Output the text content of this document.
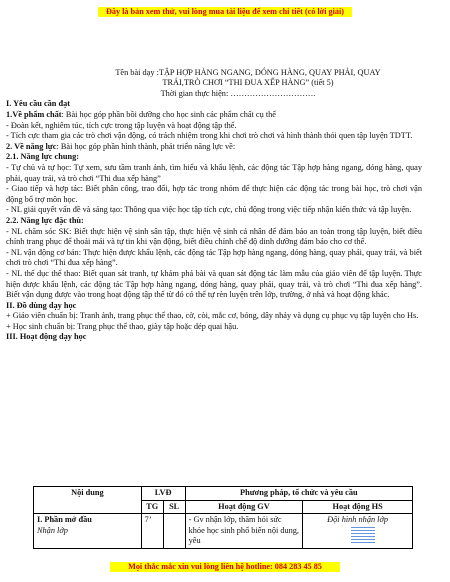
Đây là bản xem thử, vui lòng mua tài liệu để xem chi tiết (có lời giải)

Tên bài dạy :TẬP HỢP HÀNG NGANG, DÓNG HÀNG, QUAY PHẢI, QUAY
TRÁI,TRÒ CHƠI “THI ĐUA XẾP HÀNG” (tiết 5)

Thời gian thực hiện: ………………………….

I. Yêu cầu cần đạt

1.Về phẩm chất: Bài học góp phần bồi dưỡng cho học sinh các phẩm chất cụ thể

- Đoàn kết, nghiêm túc, tích cực trong tập luyện và hoạt động tập thể.

- Tích cực tham gia các trò chơi vận động, có trách nhiệm trong khi chơi trò chơi và hình thành thói quen tập luyện TDTT.

2. Về năng lực: Bài học góp phần hình thành, phát triển năng lực về:

2.1. Năng lực chung:

- Tự chủ và tự học: Tự xem, sưu tầm tranh ảnh, tìm hiểu và khẩu lệnh, các động tác Tập hợp hàng ngang, dóng hàng, quay phải, quay trái, và trò chơi “Thi đua xếp hàng”

- Giao tiếp và hợp tác: Biết phân công, trao đổi, hợp tác trong nhóm để thực hiện các động tác trong bài học, trò chơi vận động bổ trợ môn học.

- NL giải quyết vấn đề và sáng tạo: Thông qua việc học tập tích cực, chủ động trong việc tiếp nhận kiến thức và tập luyện.

2.2. Năng lực đặc thù:

- NL chăm sóc SK: Biết thực hiện vệ sinh sân tập, thực hiện vệ sinh cá nhân để đảm bảo an toàn trong tập luyện, biết điều chỉnh trang phục để thoải mái và tự tin khi vận động, biết điều chỉnh chế độ dinh dưỡng đảm bảo cho cơ thể.

- NL vận động cơ bản: Thực hiện được khẩu lệnh, các động tác Tập hợp hàng ngang, dóng hàng, quay phải, quay trái, và biết chơi trò chơi “Thi đua xếp hàng”.

- NL thể dục thể thao: Biết quan sát tranh, tự khám phá bài và quan sát động tác làm mẫu của giáo viên để tập luyện. Thực hiện được khẩu lệnh, các động tác Tập hợp hàng ngang, dóng hàng, quay phải, quay trái, và trò chơi “Thi đua xếp hàng”. Biết vận dụng được vào trong hoạt động tập thể từ đó có thể tự rèn luyện trên lớp, trường, ở nhà và hoạt động khác.

II. Đồ dùng dạy học

+ Giáo viên chuẩn bị: Tranh ảnh, trang phục thể thao, cờ, còi, mắc cơ, bóng, dây nhảy và dụng cụ phục vụ tập luyện cho Hs.

+ Học sinh chuẩn bị: Trang phục thể thao, giày tập hoặc dép quai hậu.

III. Hoạt động dạy học

Nội dung	LVĐ		Phương pháp, tổ chức và yêu cầu	
	TG	SL	Hoạt động GV	Hoạt động HS

I. Phần mở đầu
Nhận lớp	7’		- Gv nhận lớp, thăm hỏi sức khỏe học sinh phổ biến nội dung, yêu	Đội hình nhận lớp
Mọi thắc mắc xin vui lòng liên hệ hotline: 084 283 45 85
